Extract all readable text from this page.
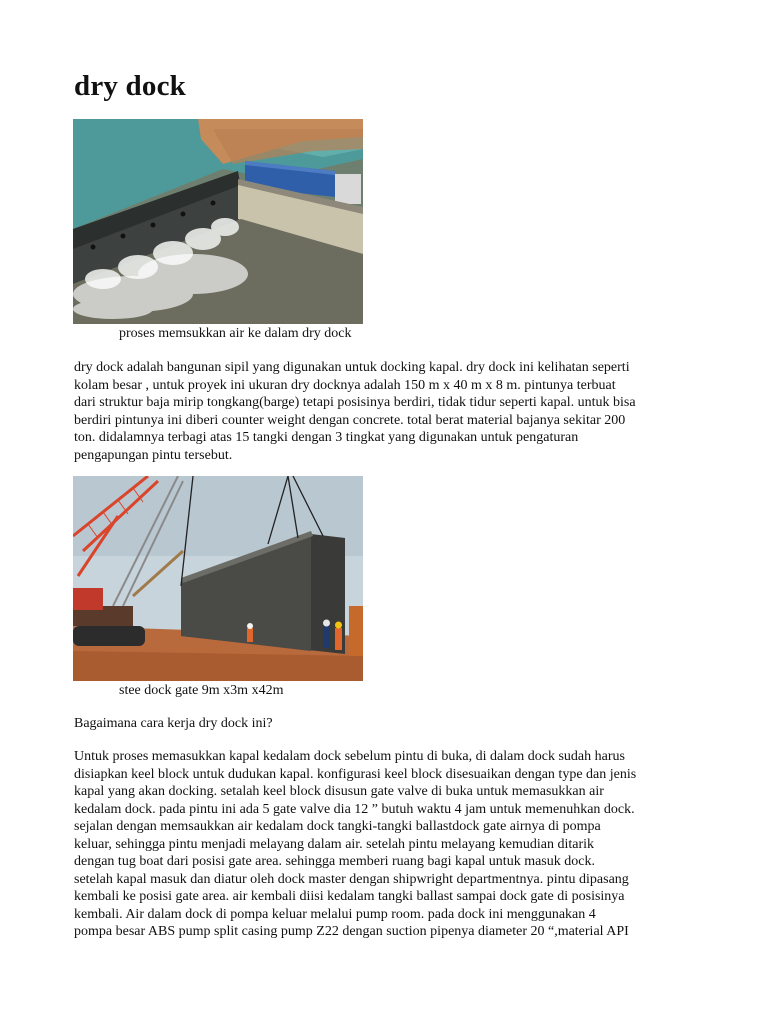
dry dock

proses memsukkan air ke dalam dry dock

dry dock adalah bangunan sipil yang digunakan untuk docking kapal. dry dock ini kelihatan seperti
kolam besar , untuk proyek ini ukuran dry docknya adalah 150 m x 40 m x 8 m. pintunya terbuat
dari struktur baja mirip tongkang(barge) tetapi posisinya berdiri, tidak tidur seperti kapal. untuk bisa
berdiri pintunya ini diberi counter weight dengan concrete. total berat material bajanya sekitar 200
ton. didalamnya terbagi atas 15 tangki dengan 3 tingkat yang digunakan untuk pengaturan
pengapungan pintu tersebut.

stee dock gate 9m x3m x42m

Bagaimana cara kerja dry dock ini?

Untuk proses memasukkan kapal kedalam dock sebelum pintu di buka, di dalam dock sudah harus
disiapkan keel block untuk dudukan kapal. konfigurasi keel block disesuaikan dengan type dan jenis
kapal yang akan docking. setalah keel block disusun gate valve di buka untuk memasukkan air
kedalam dock. pada pintu ini ada 5 gate valve dia 12 ” butuh waktu 4 jam untuk memenuhkan dock.
sejalan dengan memsaukkan air kedalam dock tangki-tangki ballastdock gate airnya di pompa
keluar, sehingga pintu menjadi melayang dalam air. setelah pintu melayang kemudian ditarik
dengan tug boat dari posisi gate area. sehingga memberi ruang bagi kapal untuk masuk dock.
setelah kapal masuk dan diatur oleh dock master dengan shipwright departmentnya. pintu dipasang
kembali ke posisi gate area. air kembali diisi kedalam tangki ballast sampai dock gate di posisinya
kembali. Air dalam dock di pompa keluar melalui pump room. pada dock ini menggunakan 4
pompa besar ABS pump split casing pump Z22 dengan suction pipenya diameter 20 “,material API
